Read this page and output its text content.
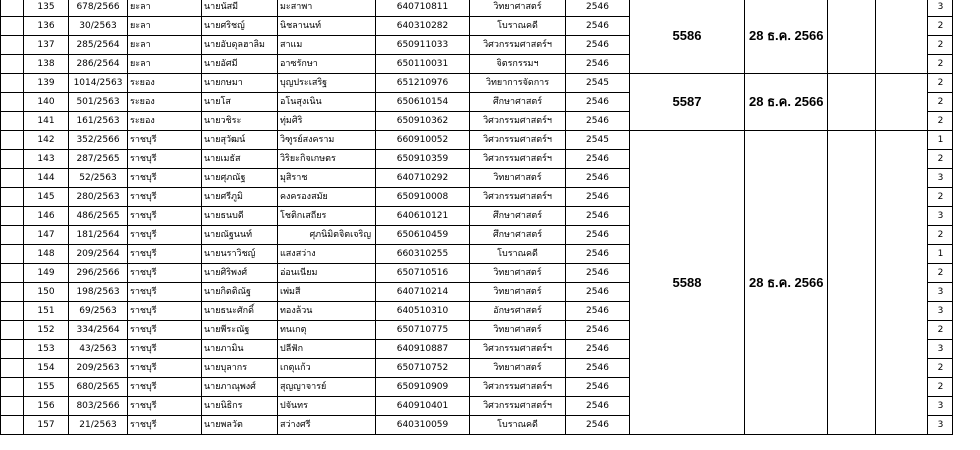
	135	678/2566	ยะลา	นายนัสมี	มะสาพา	640710811	วิทยาศาสตร์	2546	5586	28 ธ.ค. 2566			3
	136	30/2563	ยะลา	นายศริชญ์	นิชลานนท์	640310282	โบราณคดี	2546					2
	137	285/2564	ยะลา	นายอับดุลฮาลิม	สาแม	650911033	วิศวกรรมศาสตร์ฯ	2546					2
	138	286/2564	ยะลา	นายอัศมี	อาซรักษา	650110031	จิตรกรรมฯ	2546					2
	139	1014/2563	ระยอง	นายกษมา	บุญประเสริฐ	651210976	วิทยาการจัดการ	2545	5587	28 ธ.ค. 2566			2
	140	501/2563	ระยอง	นายโส	อโนสุงเนิน	650610154	ศึกษาศาสตร์	2546					2
	141	161/2563	ระยอง	นายวชิระ	ทุ่มศิริ	650910362	วิศวกรรมศาสตร์ฯ	2546					2
	142	352/2566	ราชบุรี	นายสุวัฒน์	วิฑูรย์สงคราม	660910052	วิศวกรรมศาสตร์ฯ	2545	5588	28 ธ.ค. 2566			1
	143	287/2565	ราชบุรี	นายเมธัส	วิริยะกิจเกษตร	650910359	วิศวกรรมศาสตร์ฯ	2546					2
	144	52/2563	ราชบุรี	นายศุภณัฐ	มุสิราช	640710292	วิทยาศาสตร์	2546					3
	145	280/2563	ราชบุรี	นายศรีภูมิ	คงครองสมัย	650910008	วิศวกรรมศาสตร์ฯ	2546					2
	146	486/2565	ราชบุรี	นายธนบดี	โชติกเสถียร	640610121	ศึกษาศาสตร์	2546					3
	147	181/2564	ราชบุรี	นายณัฐนนท์	ศุภนิมิตจิตเจริญ	650610459	ศึกษาศาสตร์	2546					2
	148	209/2564	ราชบุรี	นายนราวิชญ์	แสงสว่าง	660310255	โบราณคดี	2546					1
	149	296/2566	ราชบุรี	นายศิริพงศ์	อ่อนเนียม	650710516	วิทยาศาสตร์	2546					2
	150	198/2563	ราชบุรี	นายกิตติณัฐ	เพ่มสี	640710214	วิทยาศาสตร์	2546					3
	151	69/2563	ราชบุรี	นายธนะศักดิ์	ทองล้วน	640510310	อักษรศาสตร์	2546					3
	152	334/2564	ราชบุรี	นายพีระณัฐ	ทนเกตุ	650710775	วิทยาศาสตร์	2546					2
	153	43/2563	ราชบุรี	นายภามิน	ปลีฟัก	640910887	วิศวกรรมศาสตร์ฯ	2546					3
	154	209/2563	ราชบุรี	นายบุลากร	เกตุแก้ว	650710752	วิทยาศาสตร์	2546					2
	155	680/2565	ราชบุรี	นายภาณุพงศ์	สุญญาจารย์	650910909	วิศวกรรมศาสตร์ฯ	2546					2
	156	803/2566	ราชบุรี	นายนิธิกร	ปจันทร	640910401	วิศวกรรมศาสตร์ฯ	2546					3
	157	21/2563	ราชบุรี	นายพลวัต	สว่างศรี	640310059	โบราณคดี	2546					3
